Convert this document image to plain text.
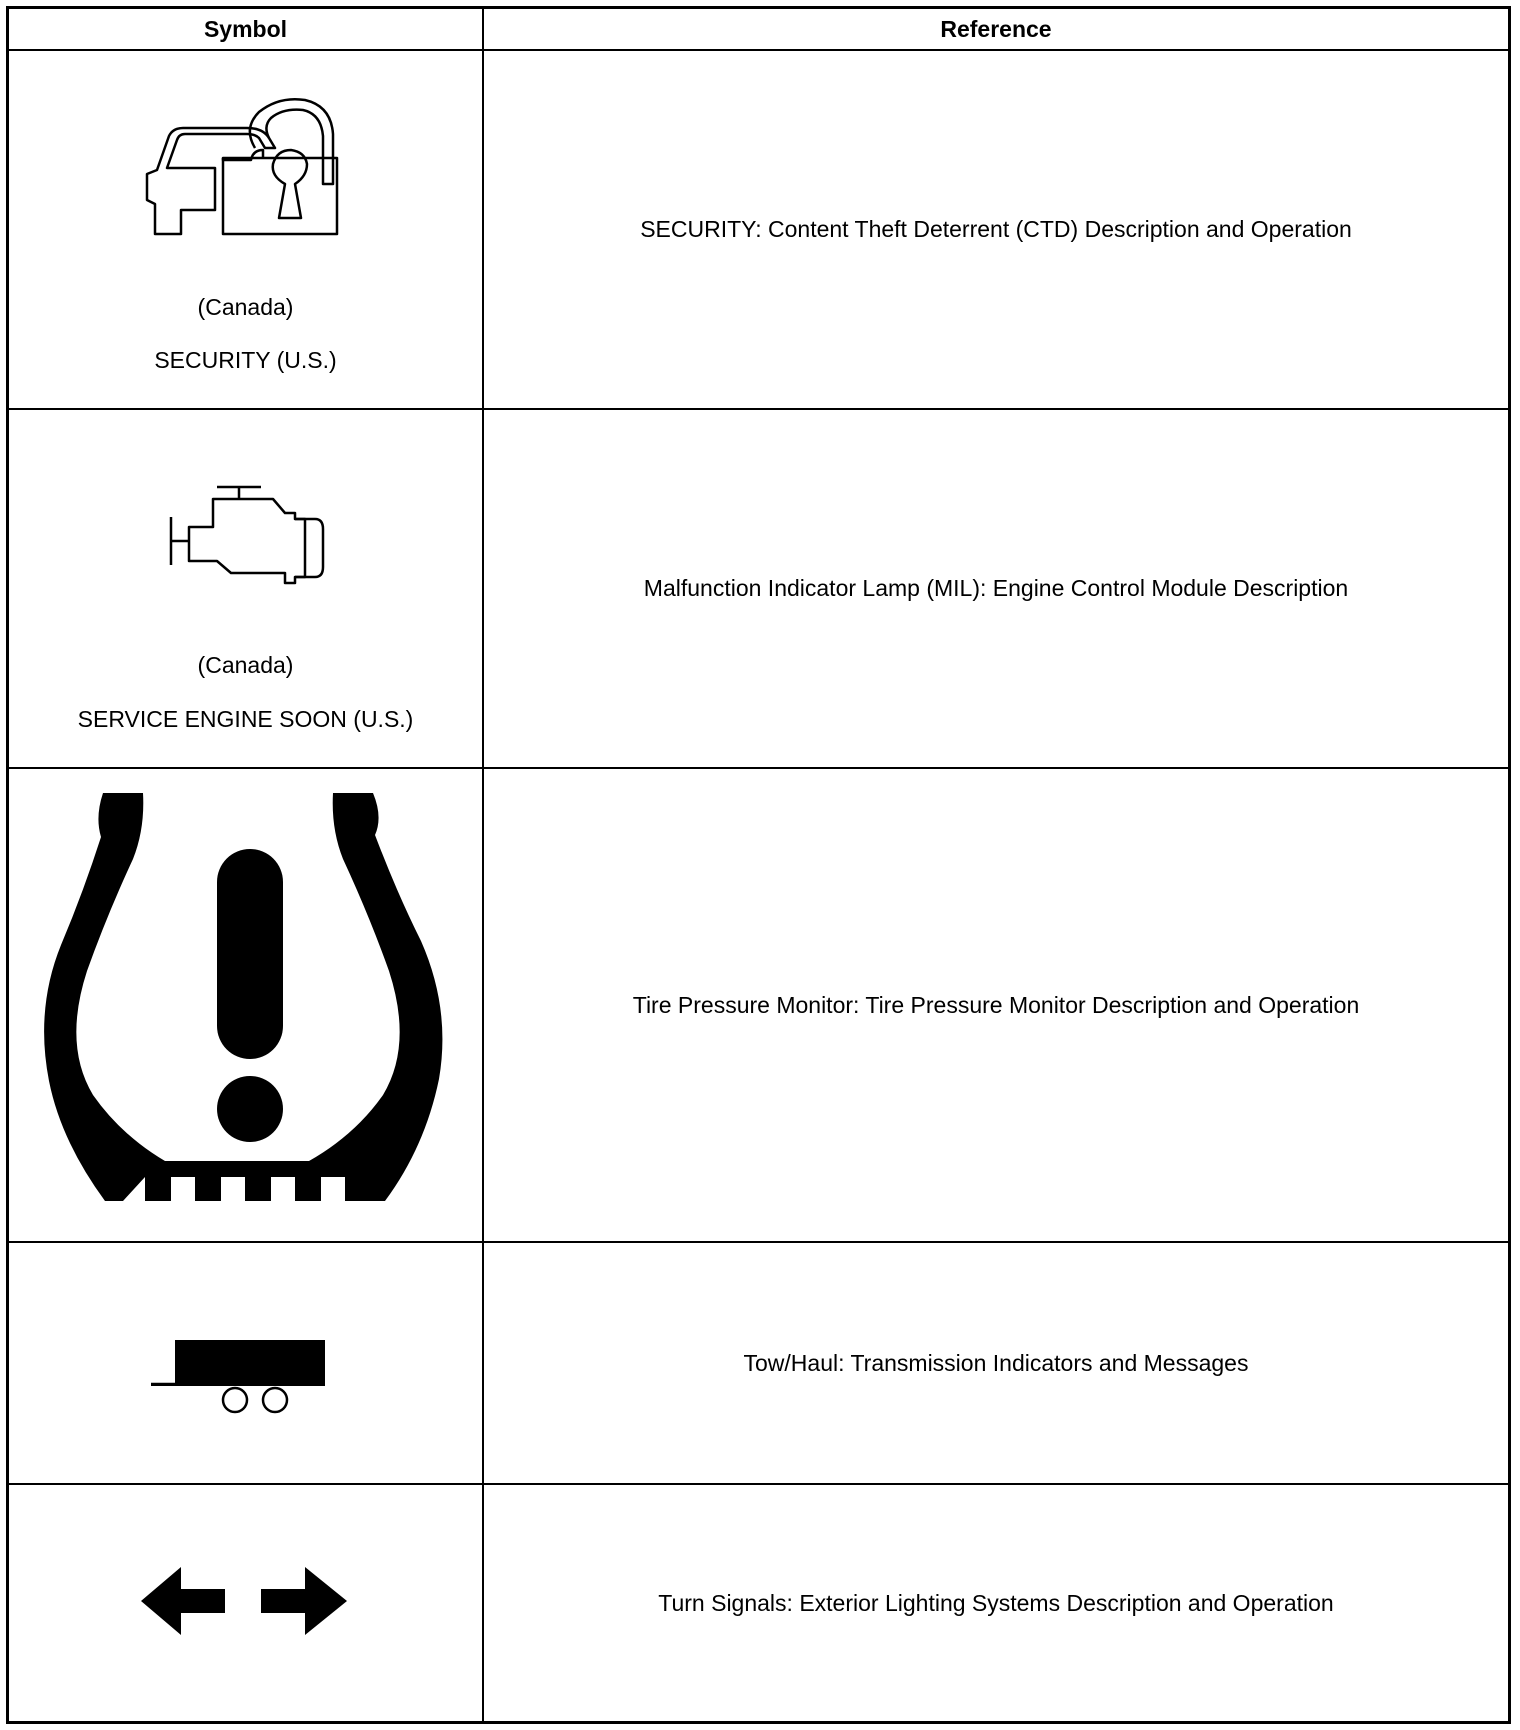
Symbol	Reference
(Canada)
SECURITY (U.S.)
SECURITY: Content Theft Deterrent (CTD) Description and Operation
(Canada)
SERVICE ENGINE SOON (U.S.)
Malfunction Indicator Lamp (MIL): Engine Control Module Description
Tire Pressure Monitor: Tire Pressure Monitor Description and Operation
Tow/Haul: Transmission Indicators and Messages
Turn Signals: Exterior Lighting Systems Description and Operation
